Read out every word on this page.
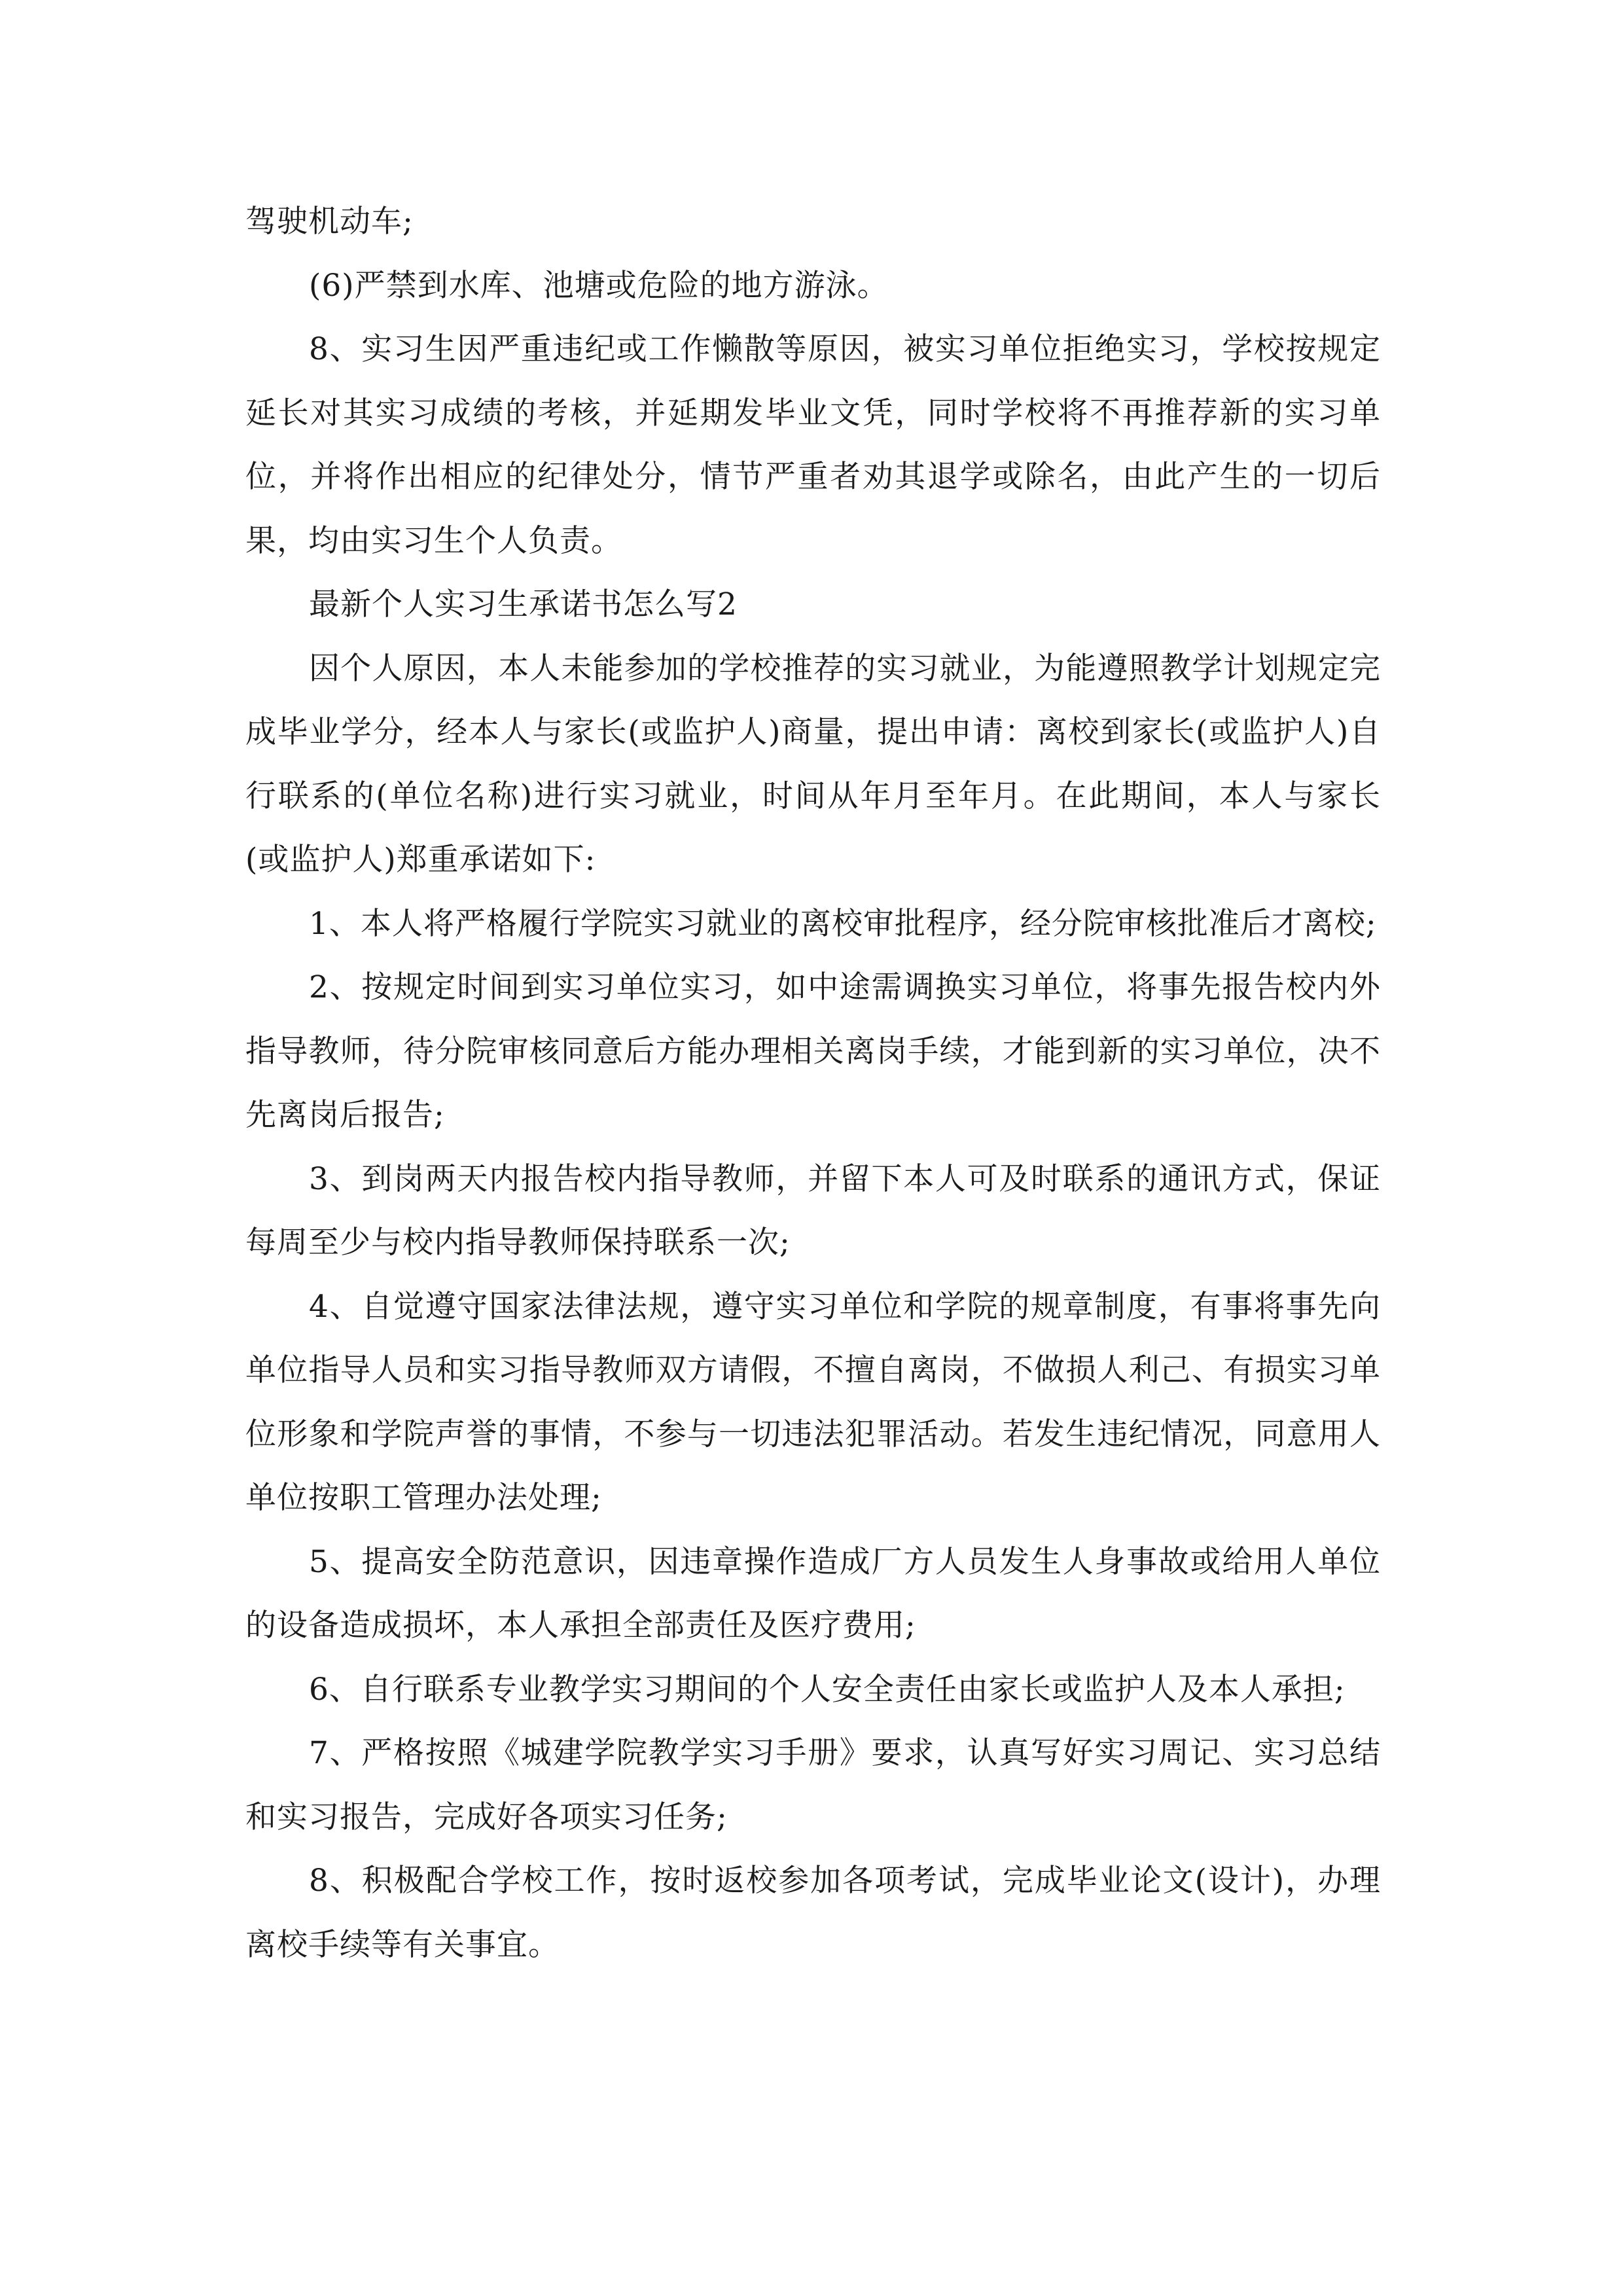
驾驶机动车;

(6)严禁到水库、池塘或危险的地方游泳。

8、实习生因严重违纪或工作懒散等原因，被实习单位拒绝实习，学校按规定延长对其实习成绩的考核，并延期发毕业文凭，同时学校将不再推荐新的实习单位，并将作出相应的纪律处分，情节严重者劝其退学或除名，由此产生的一切后果，均由实习生个人负责。

最新个人实习生承诺书怎么写2

因个人原因，本人未能参加的学校推荐的实习就业，为能遵照教学计划规定完成毕业学分，经本人与家长(或监护人)商量，提出申请：离校到家长(或监护人)自行联系的(单位名称)进行实习就业，时间从年月至年月。在此期间，本人与家长(或监护人)郑重承诺如下:

1、本人将严格履行学院实习就业的离校审批程序，经分院审核批准后才离校;

2、按规定时间到实习单位实习，如中途需调换实习单位，将事先报告校内外指导教师，待分院审核同意后方能办理相关离岗手续，才能到新的实习单位，决不先离岗后报告;

3、到岗两天内报告校内指导教师，并留下本人可及时联系的通讯方式，保证每周至少与校内指导教师保持联系一次;

4、自觉遵守国家法律法规，遵守实习单位和学院的规章制度，有事将事先向单位指导人员和实习指导教师双方请假，不擅自离岗，不做损人利己、有损实习单位形象和学院声誉的事情，不参与一切违法犯罪活动。若发生违纪情况，同意用人单位按职工管理办法处理;

5、提高安全防范意识，因违章操作造成厂方人员发生人身事故或给用人单位的设备造成损坏，本人承担全部责任及医疗费用;

6、自行联系专业教学实习期间的个人安全责任由家长或监护人及本人承担;

7、严格按照《城建学院教学实习手册》要求，认真写好实习周记、实习总结和实习报告，完成好各项实习任务;

8、积极配合学校工作，按时返校参加各项考试，完成毕业论文(设计)，办理离校手续等有关事宜。
